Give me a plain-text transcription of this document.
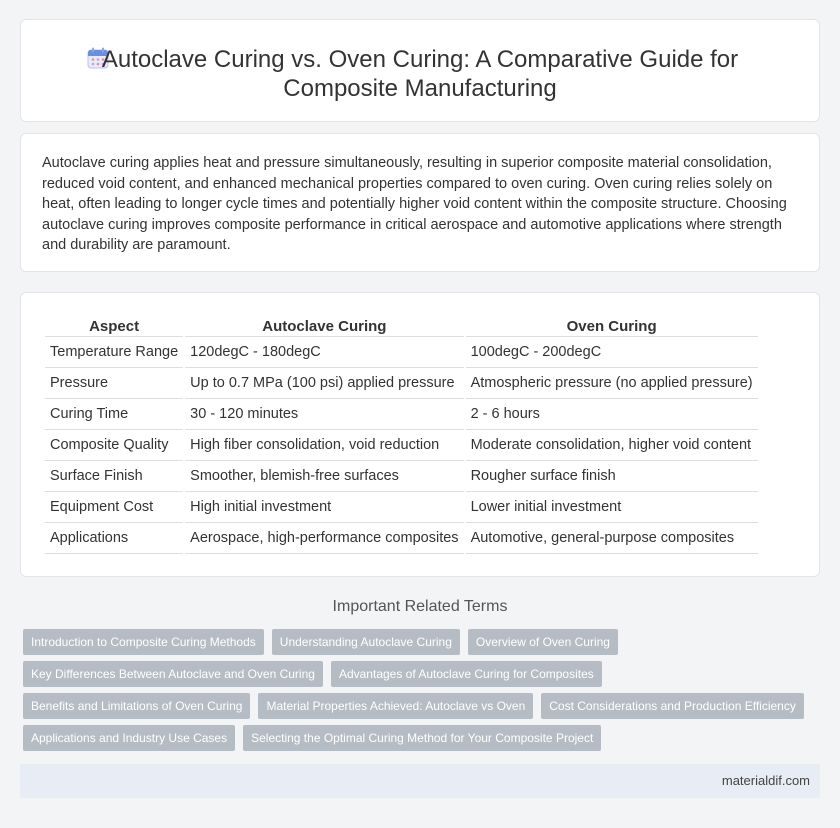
Autoclave Curing vs. Oven Curing: A Comparative Guide for
Composite Manufacturing

Autoclave curing applies heat and pressure simultaneously, resulting in superior composite material consolidation, reduced void content, and enhanced mechanical properties compared to oven curing. Oven curing relies solely on heat, often leading to longer cycle times and potentially higher void content within the composite structure. Choosing autoclave curing improves composite performance in critical aerospace and automotive applications where strength and durability are paramount.

Aspect	Autoclave Curing	Oven Curing
Temperature Range	120degC - 180degC	100degC - 200degC
Pressure	Up to 0.7 MPa (100 psi) applied pressure	Atmospheric pressure (no applied pressure)
Curing Time	30 - 120 minutes	2 - 6 hours
Composite Quality	High fiber consolidation, void reduction	Moderate consolidation, higher void content
Surface Finish	Smoother, blemish-free surfaces	Rougher surface finish
Equipment Cost	High initial investment	Lower initial investment
Applications	Aerospace, high-performance composites	Automotive, general-purpose composites
Important Related Terms
Introduction to Composite Curing Methods	Understanding Autoclave Curing	Overview of Oven Curing
Key Differences Between Autoclave and Oven Curing	Advantages of Autoclave Curing for Composites
Benefits and Limitations of Oven Curing	Material Properties Achieved: Autoclave vs Oven	Cost Considerations and Production Efficiency
Applications and Industry Use Cases	Selecting the Optimal Curing Method for Your Composite Project
materialdif.com
